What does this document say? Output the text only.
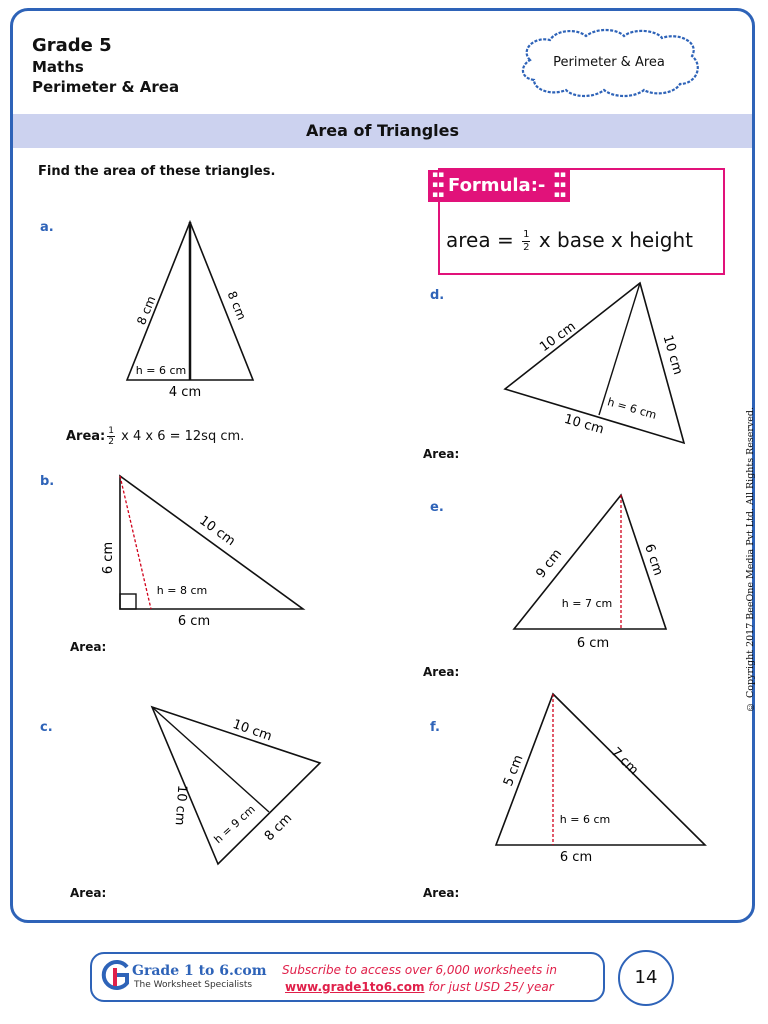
Grade 5
Maths
Perimeter & Area
Perimeter & Area
Area of Triangles
Find the area of these triangles.
Formula:-
▪▪
▪▪
▪▪
▪▪
▪▪
▪▪
area = $\frac{1}{2}$ x base x height
a.
b.
c.
d.
e.
f.
Area: $\frac{1}{2}$ x 4 x 6 = 12sq cm.
Area:
Area:
Area:
Area:
Area:
8 cm	8 cm
h = 6 cm
4 cm
6 cm
10 cm
h = 8 cm
6 cm
10 cm
10 cm h = 9 cm 8 cm
10 cm	10 cm
h = 6 cm
10 cm
9 cm	6 cm
h = 7 cm
6 cm
5 cm	7 cm
h = 6 cm
6 cm
© Copyright 2017 BeeOne Media Pvt Ltd. All Rights Reserved.
Grade 1 to 6.com
The Worksheet Specialists
Subscribe to access over 6,000 worksheets in
www.grade1to6.com for just USD 25/ year	14
